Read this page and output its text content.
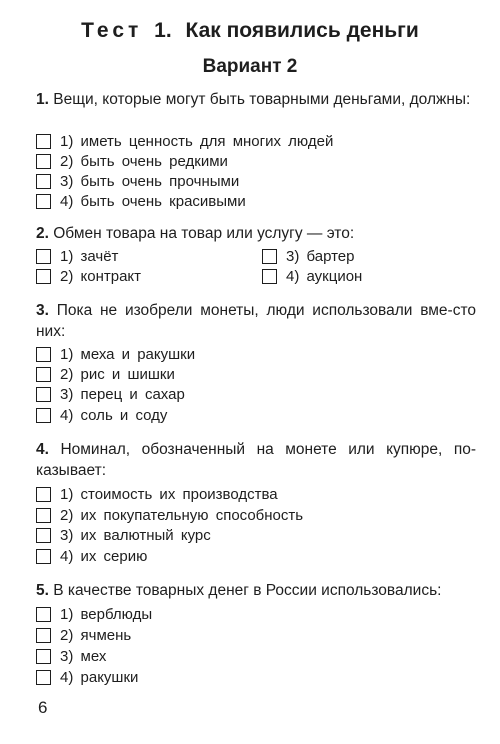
Тест 1. Как появились деньги
Вариант 2
1. Вещи, которые могут быть товарными деньгами, должны:
1) иметь ценность для многих людей
2) быть очень редкими
3) быть очень прочными
4) быть очень красивыми
2. Обмен товара на товар или услугу — это:
1) зачёт
2) контракт
3) бартер
4) аукцион
3. Пока не изобрели монеты, люди использовали вме-сто них:
1) меха и ракушки
2) рис и шишки
3) перец и сахар
4) соль и соду
4. Номинал, обозначенный на монете или купюре, по-казывает:
1) стоимость их производства
2) их покупательную способность
3) их валютный курс
4) их серию
5. В качестве товарных денег в России использовались:
1) верблюды
2) ячмень
3) мех
4) ракушки
6
